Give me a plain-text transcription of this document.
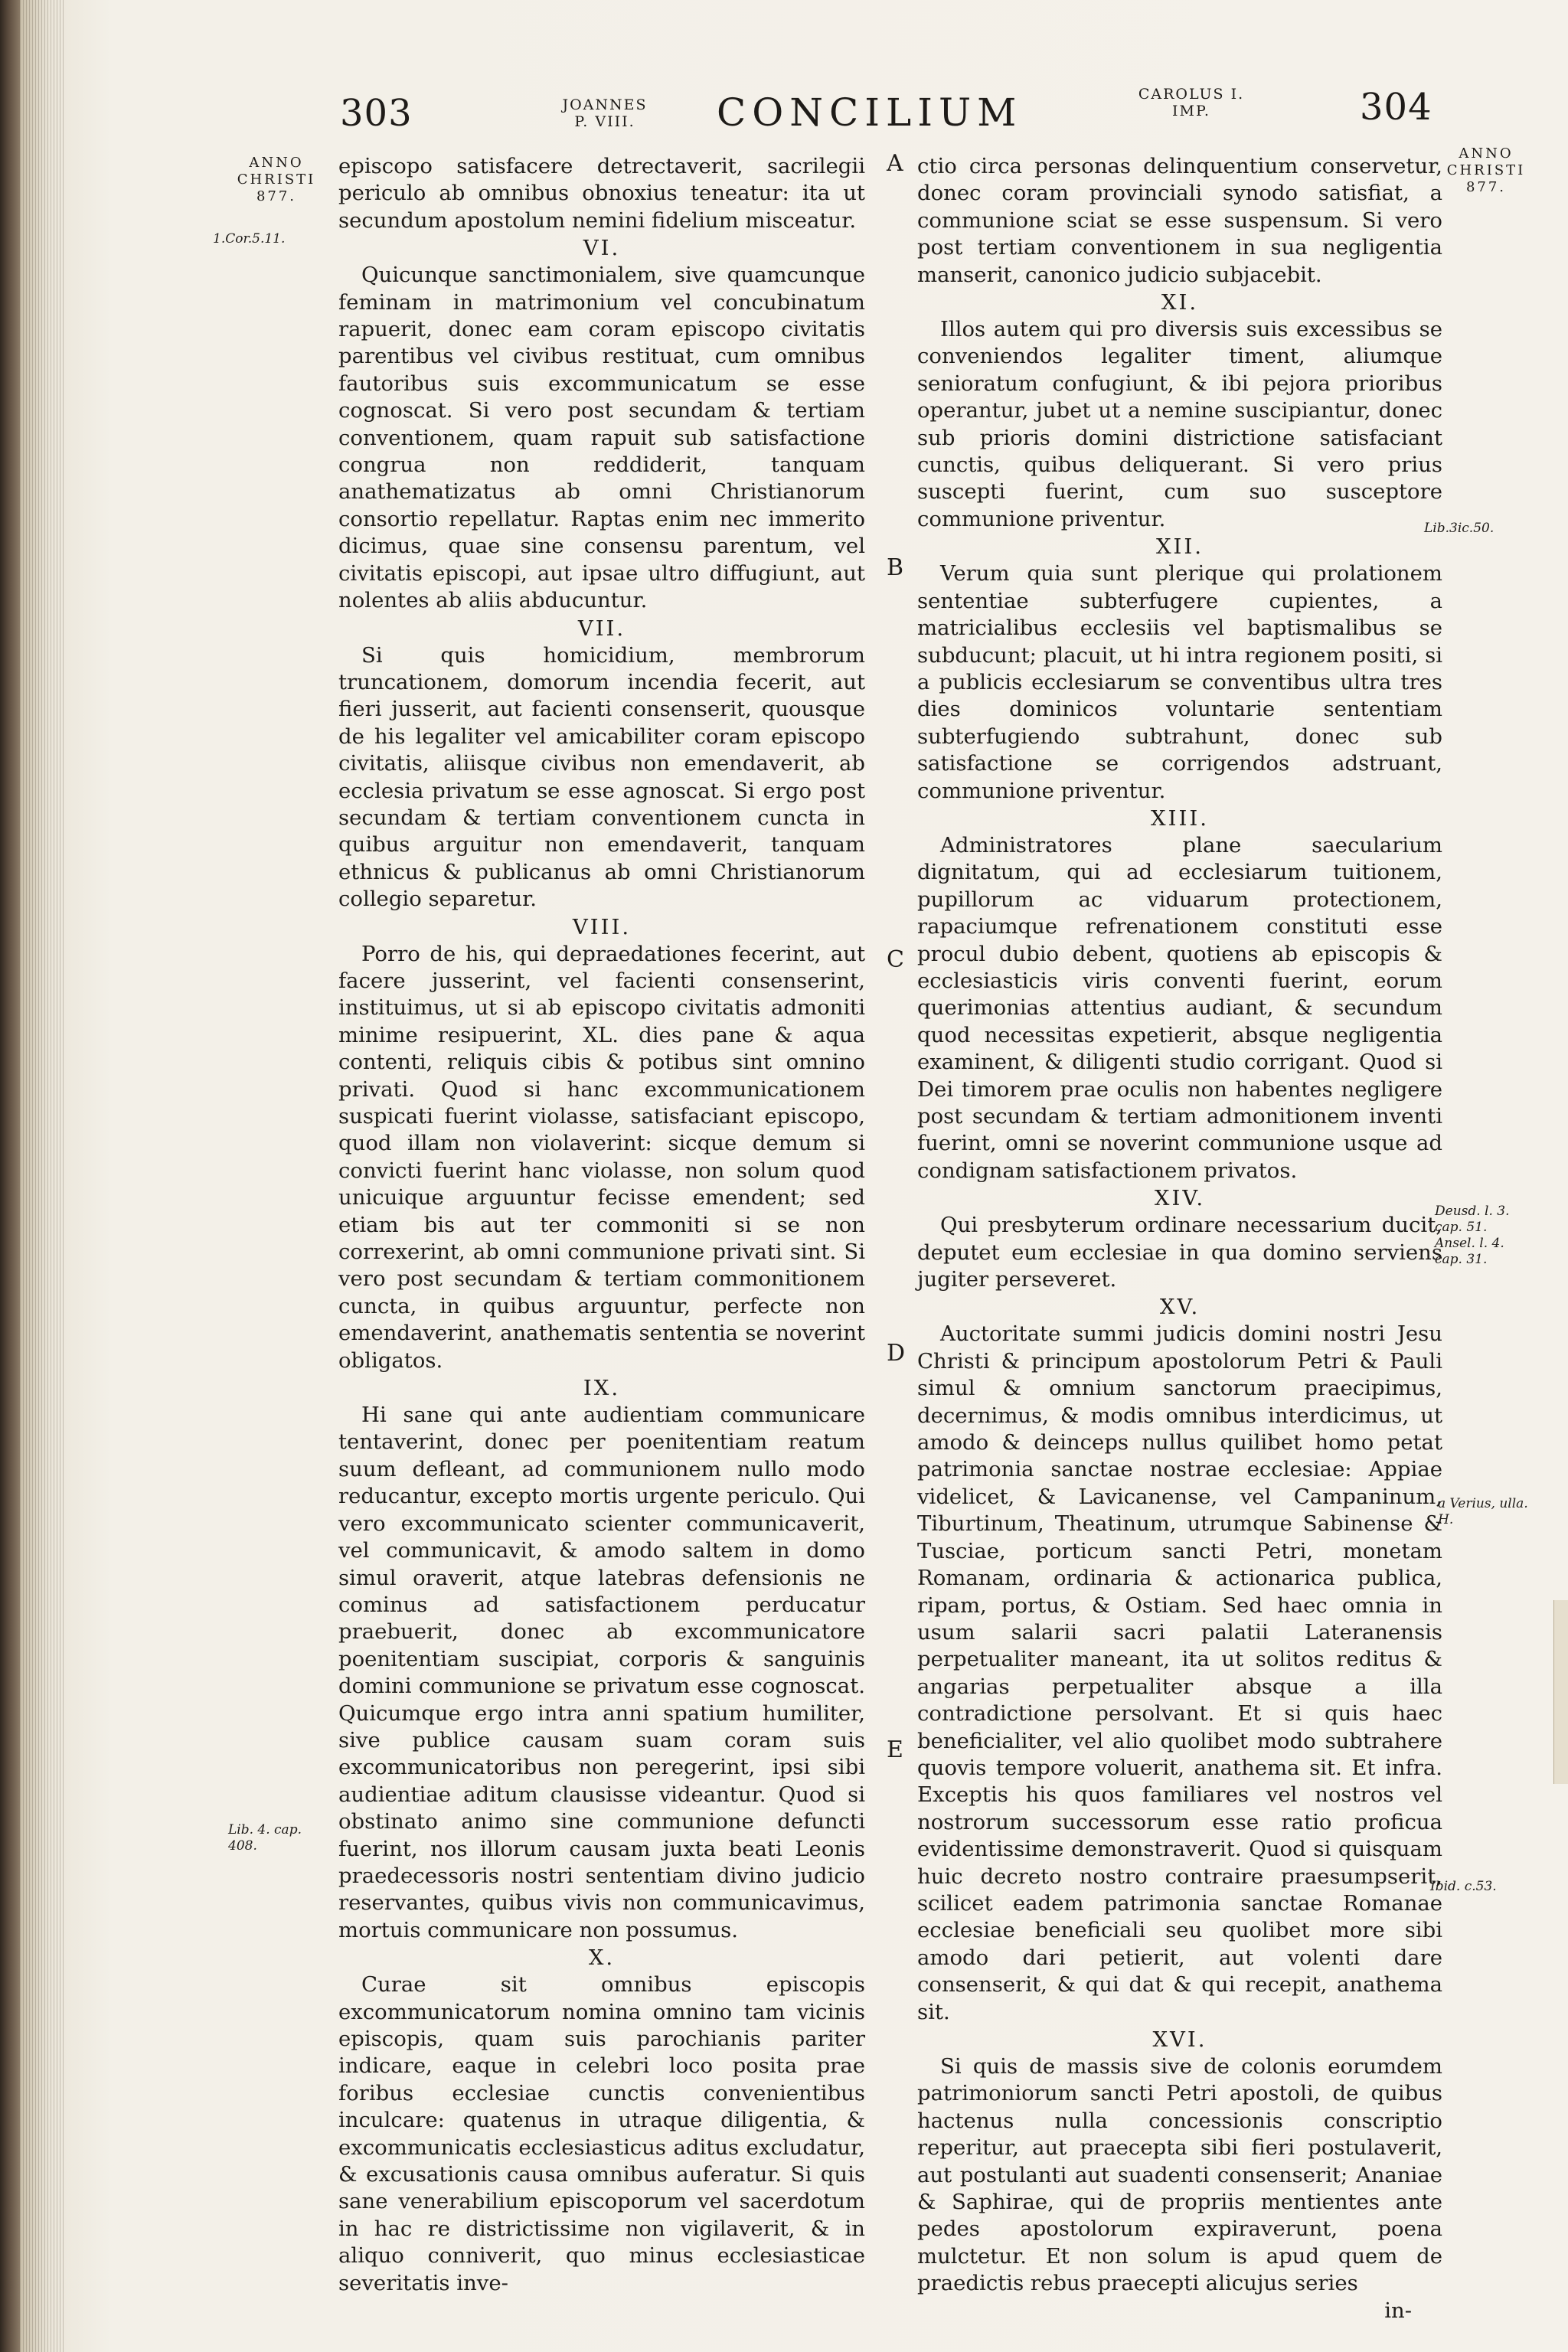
303	JOANNES
P. VIII.	CONCILIUM	CAROLUS I.
IMP.	304
ANNO CHRISTI 877.
1.Cor.5.11.
Lib. 4. cap. 408.
ANNO CHRISTI 877.
Lib.3ic.50.
Deusd. l. 3. cap. 51. Ansel. l. 4. cap. 31.
a Verius, ulla. H.
Ibid. c.53.
A
B
C
D
E

episcopo satisfacere detrectaverit, sacrilegii periculo ab omnibus obnoxius teneatur: ita ut secundum apostolum nemini fidelium misceatur.

VI.

Quicunque sanctimonialem, sive quamcunque feminam in matrimonium vel concubinatum rapuerit, donec eam coram episcopo civitatis parentibus vel civibus restituat, cum omnibus fautoribus suis excommunicatum se esse cognoscat. Si vero post secundam & tertiam conventionem, quam rapuit sub satisfactione congrua non reddiderit, tanquam anathematizatus ab omni Christianorum consortio repellatur. Raptas enim nec immerito dicimus, quae sine consensu parentum, vel civitatis episcopi, aut ipsae ultro diffugiunt, aut nolentes ab aliis abducuntur.

VII.

Si quis homicidium, membrorum truncationem, domorum incendia fecerit, aut fieri jusserit, aut facienti consenserit, quousque de his legaliter vel amicabiliter coram episcopo civitatis, aliisque civibus non emendaverit, ab ecclesia privatum se esse agnoscat. Si ergo post secundam & tertiam conventionem cuncta in quibus arguitur non emendaverit, tanquam ethnicus & publicanus ab omni Christianorum collegio separetur.

VIII.

Porro de his, qui depraedationes fecerint, aut facere jusserint, vel facienti consenserint, instituimus, ut si ab episcopo civitatis admoniti minime resipuerint, XL. dies pane & aqua contenti, reliquis cibis & potibus sint omnino privati. Quod si hanc excommunicationem suspicati fuerint violasse, satisfaciant episcopo, quod illam non violaverint: sicque demum si convicti fuerint hanc violasse, non solum quod unicuique arguuntur fecisse emendent; sed etiam bis aut ter commoniti si se non correxerint, ab omni communione privati sint. Si vero post secundam & tertiam commonitionem cuncta, in quibus arguuntur, perfecte non emendaverint, anathematis sententia se noverint obligatos.

IX.

Hi sane qui ante audientiam communicare tentaverint, donec per poenitentiam reatum suum defleant, ad communionem nullo modo reducantur, excepto mortis urgente periculo. Qui vero excommunicato scienter communicaverit, vel communicavit, & amodo saltem in domo simul oraverit, atque latebras defensionis ne cominus ad satisfactionem perducatur praebuerit, donec ab excommunicatore poenitentiam suscipiat, corporis & sanguinis domini communione se privatum esse cognoscat. Quicumque ergo intra anni spatium humiliter, sive publice causam suam coram suis excommunicatoribus non peregerint, ipsi sibi audientiae aditum clausisse videantur. Quod si obstinato animo sine communione defuncti fuerint, nos illorum causam juxta beati Leonis praedecessoris nostri sententiam divino judicio reservantes, quibus vivis non communicavimus, mortuis communicare non possumus.

X.

Curae sit omnibus episcopis excommunicatorum nomina omnino tam vicinis episcopis, quam suis parochianis pariter indicare, eaque in celebri loco posita prae foribus ecclesiae cunctis convenientibus inculcare: quatenus in utraque diligentia, & excommunicatis ecclesiasticus aditus excludatur, & excusationis causa omnibus auferatur. Si quis sane venerabilium episcoporum vel sacerdotum in hac re districtissime non vigilaverit, & in aliquo conniverit, quo minus ecclesiasticae severitatis inve-

ctio circa personas delinquentium conservetur, donec coram provinciali synodo satisfiat, a communione sciat se esse suspensum. Si vero post tertiam conventionem in sua negligentia manserit, canonico judicio subjacebit.

XI.

Illos autem qui pro diversis suis excessibus se conveniendos legaliter timent, aliumque senioratum confugiunt, & ibi pejora prioribus operantur, jubet ut a nemine suscipiantur, donec sub prioris domini districtione satisfaciant cunctis, quibus deliquerant. Si vero prius suscepti fuerint, cum suo susceptore communione priventur.

XII.

Verum quia sunt plerique qui prolationem sententiae subterfugere cupientes, a matricialibus ecclesiis vel baptismalibus se subducunt; placuit, ut hi intra regionem positi, si a publicis ecclesiarum se conventibus ultra tres dies dominicos voluntarie sententiam subterfugiendo subtrahunt, donec sub satisfactione se corrigendos adstruant, communione priventur.

XIII.

Administratores plane saecularium dignitatum, qui ad ecclesiarum tuitionem, pupillorum ac viduarum protectionem, rapaciumque refrenationem constituti esse procul dubio debent, quotiens ab episcopis & ecclesiasticis viris conventi fuerint, eorum querimonias attentius audiant, & secundum quod necessitas expetierit, absque negligentia examinent, & diligenti studio corrigant. Quod si Dei timorem prae oculis non habentes negligere post secundam & tertiam admonitionem inventi fuerint, omni se noverint communione usque ad condignam satisfactionem privatos.

XIV.

Qui presbyterum ordinare necessarium ducit, deputet eum ecclesiae in qua domino serviens jugiter perseveret.

XV.

Auctoritate summi judicis domini nostri Jesu Christi & principum apostolorum Petri & Pauli simul & omnium sanctorum praecipimus, decernimus, & modis omnibus interdicimus, ut amodo & deinceps nullus quilibet homo petat patrimonia sanctae nostrae ecclesiae: Appiae videlicet, & Lavicanense, vel Campaninum, Tiburtinum, Theatinum, utrumque Sabinense & Tusciae, porticum sancti Petri, monetam Romanam, ordinaria & actionarica publica, ripam, portus, & Ostiam. Sed haec omnia in usum salarii sacri palatii Lateranensis perpetualiter maneant, ita ut solitos reditus & angarias perpetualiter absque a illa contradictione persolvant. Et si quis haec beneficialiter, vel alio quolibet modo subtrahere quovis tempore voluerit, anathema sit. Et infra. Exceptis his quos familiares vel nostros vel nostrorum successorum esse ratio proficua evidentissime demonstraverit. Quod si quisquam huic decreto nostro contraire praesumpserit, scilicet eadem patrimonia sanctae Romanae ecclesiae beneficiali seu quolibet more sibi amodo dari petierit, aut volenti dare consenserit, & qui dat & qui recepit, anathema sit.

XVI.

Si quis de massis sive de colonis eorumdem patrimoniorum sancti Petri apostoli, de quibus hactenus nulla concessionis conscriptio reperitur, aut praecepta sibi fieri postulaverit, aut postulanti aut suadenti consenserit; Ananiae & Saphirae, qui de propriis mentientes ante pedes apostolorum expiraverunt, poena mulctetur. Et non solum is apud quem de praedictis rebus praecepti alicujus series

in-
